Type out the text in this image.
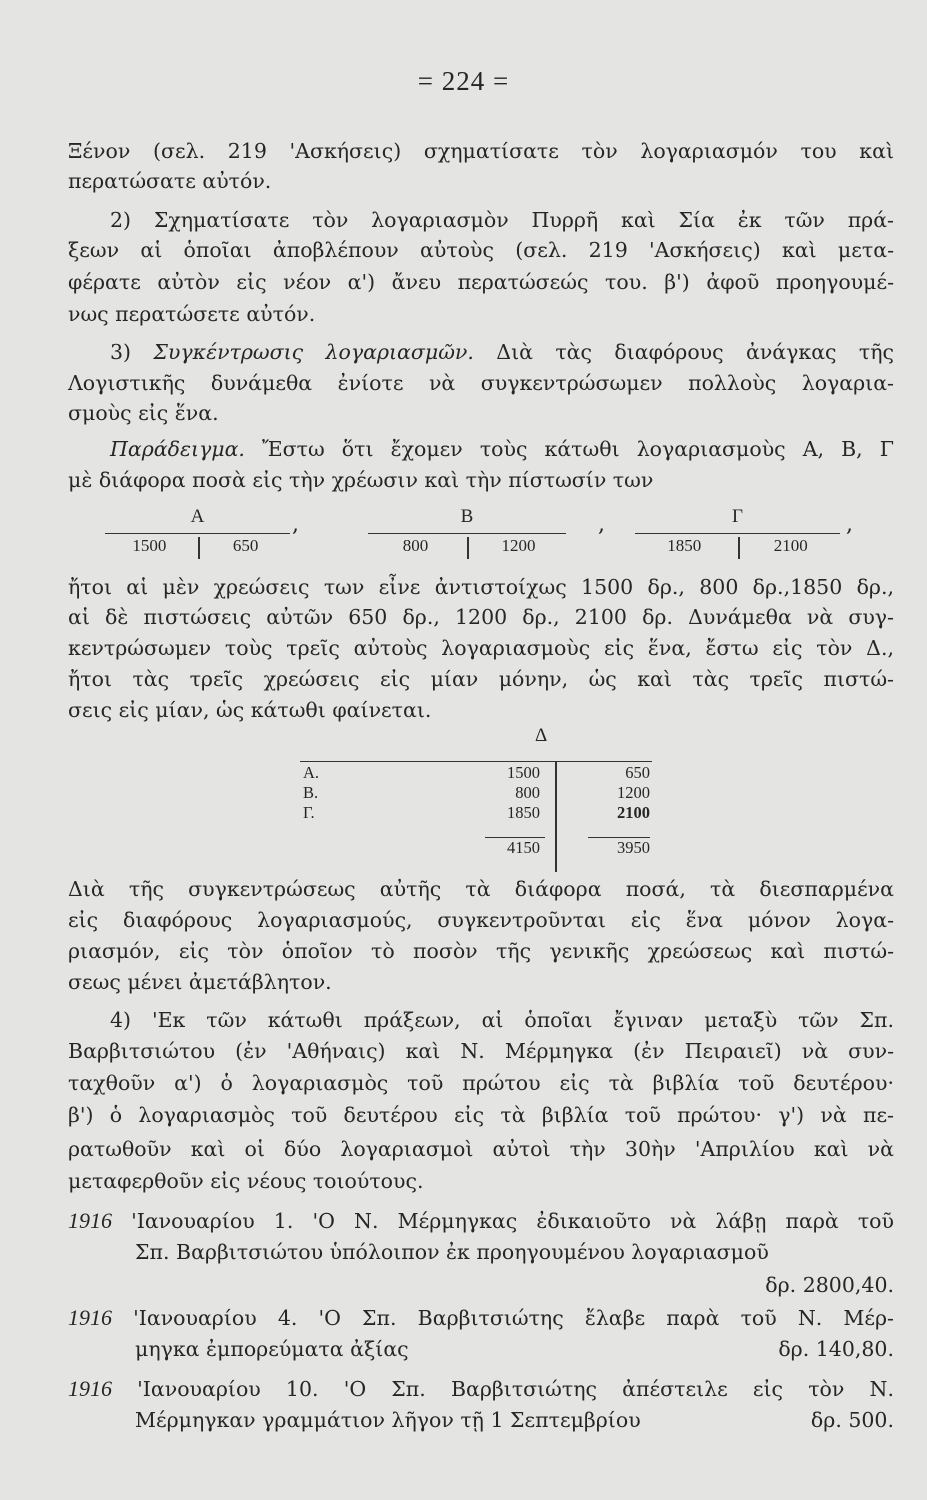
= 224 =
Ξένον (σελ. 219 'Ασκήσεις) σχηματίσατε τὸν λογαριασμόν του καὶ
περατώσατε αὐτόν.
2) Σχηματίσατε τὸν λογαριασμὸν Πυρρῆ καὶ Σία ἐκ τῶν πρά-
ξεων αἱ ὁποῖαι ἀποβλέπουν αὐτοὺς (σελ. 219 'Ασκήσεις) καὶ μετα-
φέρατε αὐτὸν εἰς νέον α') ἄνευ περατώσεώς του. β') ἀφοῦ προηγουμέ-
νως περατώσετε αὐτόν.
3) Συγκέντρωσις λογαριασμῶν. Διὰ τὰς διαφόρους ἀνάγκας τῆς
Λογιστικῆς δυνάμεθα ἐνίοτε νὰ συγκεντρώσωμεν πολλοὺς λογαρια-
σμοὺς εἰς ἕνα.
Παράδειγμα. Ἔστω ὅτι ἔχομεν τοὺς κάτωθι λογαριασμοὺς Α, Β, Γ
μὲ διάφορα ποσὰ εἰς τὴν χρέωσιν καὶ τὴν πίστωσίν των
Α
1500	650
,	Β
800	1200
,	Γ
1850	2100
,
ἤτοι αἱ μὲν χρεώσεις των εἶνε ἀντιστοίχως 1500 δρ., 800 δρ.,1850 δρ.,
αἱ δὲ πιστώσεις αὐτῶν 650 δρ., 1200 δρ., 2100 δρ. Δυνάμεθα νὰ συγ-
κεντρώσωμεν τοὺς τρεῖς αὐτοὺς λογαριασμοὺς εἰς ἕνα, ἔστω εἰς τὸν Δ.,
ἤτοι τὰς τρεῖς χρεώσεις εἰς μίαν μόνην, ὡς καὶ τὰς τρεῖς πιστώ-
σεις εἰς μίαν, ὡς κάτωθι φαίνεται.
Δ
Α.	1500	650
Β.	800	1200
Γ.	1850	2100
4150	3950
Διὰ τῆς συγκεντρώσεως αὐτῆς τὰ διάφορα ποσά, τὰ διεσπαρμένα
εἰς διαφόρους λογαριασμούς, συγκεντροῦνται εἰς ἕνα μόνον λογα-
ριασμόν, εἰς τὸν ὁποῖον τὸ ποσὸν τῆς γενικῆς χρεώσεως καὶ πιστώ-
σεως μένει ἀμετάβλητον.
4) 'Εκ τῶν κάτωθι πράξεων, αἱ ὁποῖαι ἔγιναν μεταξὺ τῶν Σπ.
Βαρβιτσιώτου (ἐν 'Αθήναις) καὶ Ν. Μέρμηγκα (ἐν Πειραιεῖ) νὰ συν-
ταχθοῦν α') ὁ λογαριασμὸς τοῦ πρώτου εἰς τὰ βιβλία τοῦ δευτέρου·
β') ὁ λογαριασμὸς τοῦ δευτέρου εἰς τὰ βιβλία τοῦ πρώτου· γ') νὰ πε-
ρατωθοῦν καὶ οἱ δύο λογαριασμοὶ αὐτοὶ τὴν 30ὴν 'Απριλίου καὶ νὰ
μεταφερθοῦν εἰς νέους τοιούτους.
1916 'Ιανουαρίου 1. 'Ο Ν. Μέρμηγκας ἐδικαιοῦτο νὰ λάβῃ παρὰ τοῦ
Σπ. Βαρβιτσιώτου ὑπόλοιπον ἐκ προηγουμένου λογαριασμοῦ
δρ. 2800,40.
1916 'Ιανουαρίου 4. 'Ο Σπ. Βαρβιτσιώτης ἔλαβε παρὰ τοῦ Ν. Μέρ-
μηγκα ἐμπορεύματα ἀξίας	δρ. 140,80.
1916 'Ιανουαρίου 10. 'Ο Σπ. Βαρβιτσιώτης ἀπέστειλε εἰς τὸν Ν.
Μέρμηγκαν γραμμάτιον λῆγον τῇ 1 Σεπτεμβρίου	δρ. 500.
